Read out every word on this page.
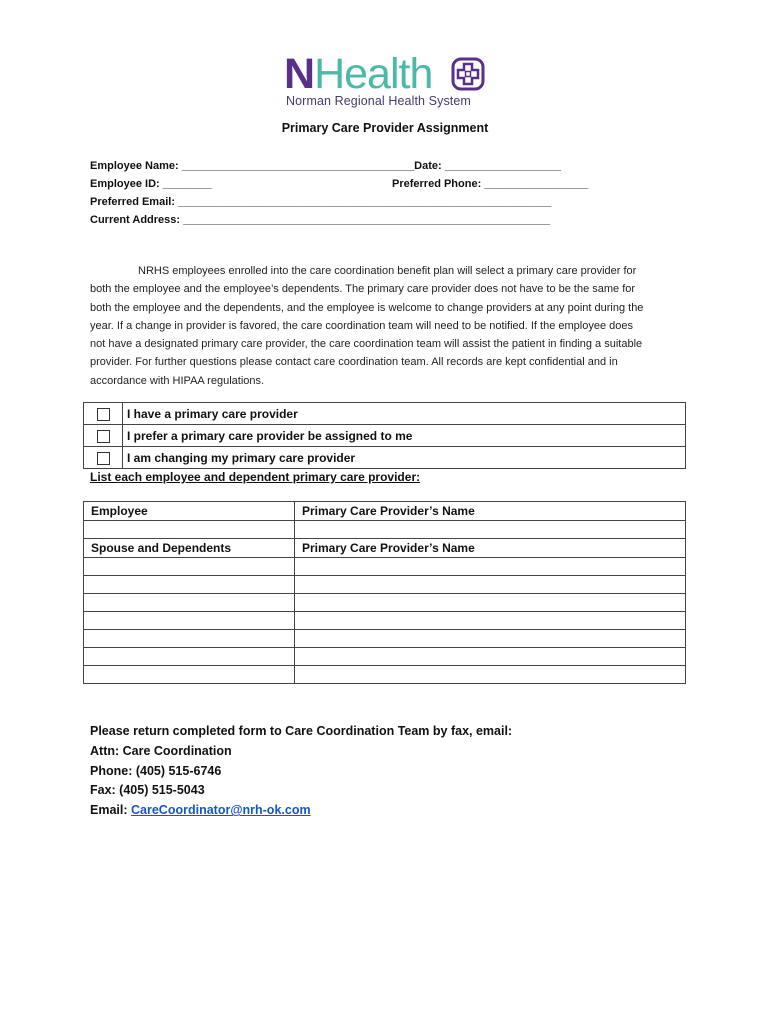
NHealth
Norman Regional Health System
Primary Care Provider Assignment
Employee Name: ______________________________________Date: ___________________
Employee ID: ________	Preferred Phone: _________________
Preferred Email: _____________________________________________________________
Current Address: ____________________________________________________________
NRHS employees enrolled into the care coordination benefit plan will select a primary care provider for
both the employee and the employee’s dependents. The primary care provider does not have to be the same for
both the employee and the dependents, and the employee is welcome to change providers at any point during the
year. If a change in provider is favored, the care coordination team will need to be notified. If the employee does
not have a designated primary care provider, the care coordination team will assist the patient in finding a suitable
provider. For further questions please contact care coordination team. All records are kept confidential and in
accordance with HIPAA regulations.
	I have a primary care provider
	I prefer a primary care provider be assigned to me
	I am changing my primary care provider
List each employee and dependent primary care provider:
Employee	Primary Care Provider’s Name

Spouse and Dependents	Primary Care Provider’s Name

Please return completed form to Care Coordination Team by fax, email:
Attn: Care Coordination
Phone: (405) 515-6746
Fax: (405) 515-5043
Email: CareCoordinator@nrh-ok.com
